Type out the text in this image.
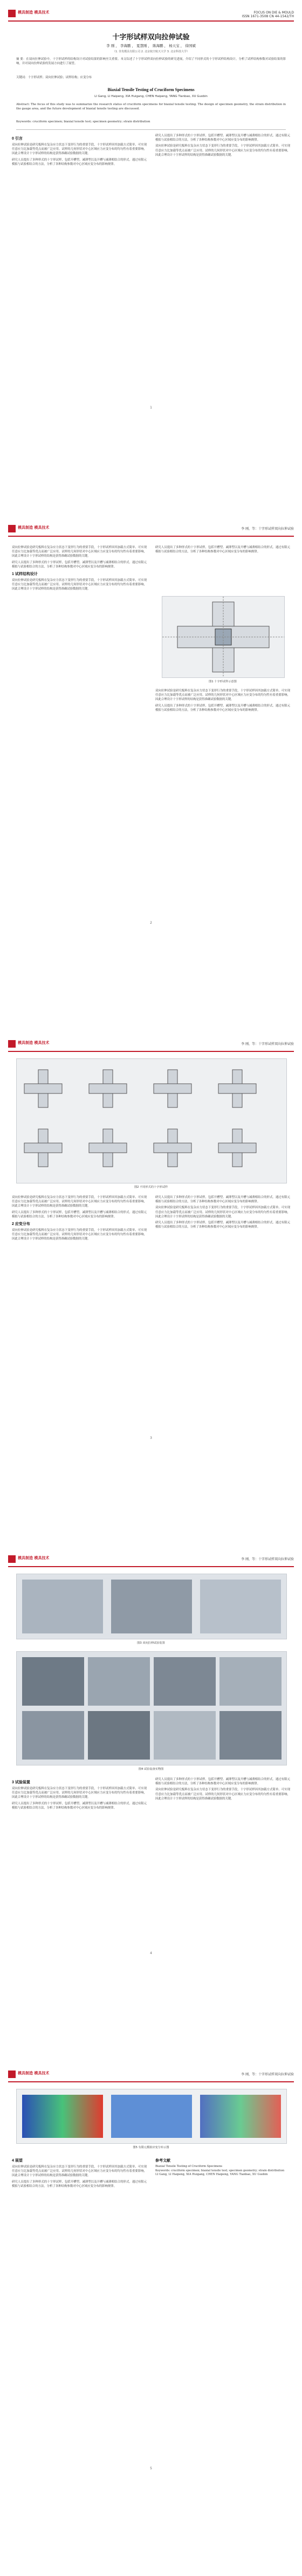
模具制造 模具技术	FOCUS ON DIE & MOULD
ISSN 1671-3508 CN 44-1542/TH
十字形试样双向拉伸试验
李 刚 ， 李海鹏 ， 夏慧刚 ， 陈海鹏 ， 杨天宝 ， 徐国斌
（1. 佳发模具有限公司 2. 北京航空航天大学 3. 北京科技大学）
摘 要：在双向拉伸试验中，十字形试样的结构设计对试验结果的影响至关重要。本文综述了十字形试样双向拉伸试验的研究进展，介绍了不同形式的十字形试样结构设计，分析了试样结构参数对试验结果的影响，并对双向拉伸试验的发展方向进行了展望。
关键词：十字形试样；双向拉伸试验；试样结构；应变分布
Biaxial Tensile Testing of Cruciform Specimens
LI Gang, LI Haipeng, XIA Huigang, CHEN Haipeng, YANG Tianbao, XU Guobin
Abstract: The focus of this study was to summarize the research status of cruciform specimens for biaxial tensile testing. The design of specimen geometry, the strain distribution in the gauge area, and the future development of biaxial tensile testing are discussed.
Keywords: cruciform specimen; biaxial tensile test; specimen geometry; strain distribution
0 引言
双向拉伸试验是研究板料在复杂应力状态下变形行为的重要手段，十字形试样因其加载方式简单、可实现任意应力比加载等优点而被广泛应用。试样的几何形状对中心区域应力应变分布的均匀性有着重要影响，因此合理设计十字形试样的结构是获得准确试验数据的关键。
研究人员提出了多种形式的十字形试样，包括开槽型、减薄型以及开槽与减薄相结合的形式。通过有限元模拟与试验相结合的方法，分析了各种结构参数对中心区域应变分布的影响规律。
研究人员提出了多种形式的十字形试样，包括开槽型、减薄型以及开槽与减薄相结合的形式。通过有限元模拟与试验相结合的方法，分析了各种结构参数对中心区域应变分布的影响规律。
双向拉伸试验是研究板料在复杂应力状态下变形行为的重要手段，十字形试样因其加载方式简单、可实现任意应力比加载等优点而被广泛应用。试样的几何形状对中心区域应力应变分布的均匀性有着重要影响，因此合理设计十字形试样的结构是获得准确试验数据的关键。
1
模具制造 模具技术	李 刚，等：十字形试样双向拉伸试验
双向拉伸试验是研究板料在复杂应力状态下变形行为的重要手段，十字形试样因其加载方式简单、可实现任意应力比加载等优点而被广泛应用。试样的几何形状对中心区域应力应变分布的均匀性有着重要影响，因此合理设计十字形试样的结构是获得准确试验数据的关键。
研究人员提出了多种形式的十字形试样，包括开槽型、减薄型以及开槽与减薄相结合的形式。通过有限元模拟与试验相结合的方法，分析了各种结构参数对中心区域应变分布的影响规律。
1 试样结构设计
双向拉伸试验是研究板料在复杂应力状态下变形行为的重要手段，十字形试样因其加载方式简单、可实现任意应力比加载等优点而被广泛应用。试样的几何形状对中心区域应力应变分布的均匀性有着重要影响，因此合理设计十字形试样的结构是获得准确试验数据的关键。
研究人员提出了多种形式的十字形试样，包括开槽型、减薄型以及开槽与减薄相结合的形式。通过有限元模拟与试验相结合的方法，分析了各种结构参数对中心区域应变分布的影响规律。
图1 十字形试样示意图
双向拉伸试验是研究板料在复杂应力状态下变形行为的重要手段，十字形试样因其加载方式简单、可实现任意应力比加载等优点而被广泛应用。试样的几何形状对中心区域应力应变分布的均匀性有着重要影响，因此合理设计十字形试样的结构是获得准确试验数据的关键。
研究人员提出了多种形式的十字形试样，包括开槽型、减薄型以及开槽与减薄相结合的形式。通过有限元模拟与试验相结合的方法，分析了各种结构参数对中心区域应变分布的影响规律。
2
模具制造 模具技术	李 刚，等：十字形试样双向拉伸试验
图2 不同形式的十字形试样
双向拉伸试验是研究板料在复杂应力状态下变形行为的重要手段，十字形试样因其加载方式简单、可实现任意应力比加载等优点而被广泛应用。试样的几何形状对中心区域应力应变分布的均匀性有着重要影响，因此合理设计十字形试样的结构是获得准确试验数据的关键。
研究人员提出了多种形式的十字形试样，包括开槽型、减薄型以及开槽与减薄相结合的形式。通过有限元模拟与试验相结合的方法，分析了各种结构参数对中心区域应变分布的影响规律。
2 应变分布
双向拉伸试验是研究板料在复杂应力状态下变形行为的重要手段，十字形试样因其加载方式简单、可实现任意应力比加载等优点而被广泛应用。试样的几何形状对中心区域应力应变分布的均匀性有着重要影响，因此合理设计十字形试样的结构是获得准确试验数据的关键。
研究人员提出了多种形式的十字形试样，包括开槽型、减薄型以及开槽与减薄相结合的形式。通过有限元模拟与试验相结合的方法，分析了各种结构参数对中心区域应变分布的影响规律。
双向拉伸试验是研究板料在复杂应力状态下变形行为的重要手段，十字形试样因其加载方式简单、可实现任意应力比加载等优点而被广泛应用。试样的几何形状对中心区域应力应变分布的均匀性有着重要影响，因此合理设计十字形试样的结构是获得准确试验数据的关键。
研究人员提出了多种形式的十字形试样，包括开槽型、减薄型以及开槽与减薄相结合的形式。通过有限元模拟与试验相结合的方法，分析了各种结构参数对中心区域应变分布的影响规律。
3
模具制造 模具技术	李 刚，等：十字形试样双向拉伸试验
图3 双向拉伸试验装置
图4 试验设备实物图
3 试验装置
双向拉伸试验是研究板料在复杂应力状态下变形行为的重要手段，十字形试样因其加载方式简单、可实现任意应力比加载等优点而被广泛应用。试样的几何形状对中心区域应力应变分布的均匀性有着重要影响，因此合理设计十字形试样的结构是获得准确试验数据的关键。
研究人员提出了多种形式的十字形试样，包括开槽型、减薄型以及开槽与减薄相结合的形式。通过有限元模拟与试验相结合的方法，分析了各种结构参数对中心区域应变分布的影响规律。
研究人员提出了多种形式的十字形试样，包括开槽型、减薄型以及开槽与减薄相结合的形式。通过有限元模拟与试验相结合的方法，分析了各种结构参数对中心区域应变分布的影响规律。
双向拉伸试验是研究板料在复杂应力状态下变形行为的重要手段，十字形试样因其加载方式简单、可实现任意应力比加载等优点而被广泛应用。试样的几何形状对中心区域应力应变分布的均匀性有着重要影响，因此合理设计十字形试样的结构是获得准确试验数据的关键。
4
模具制造 模具技术	李 刚，等：十字形试样双向拉伸试验
图5 有限元模拟应变分布云图
4 展望
双向拉伸试验是研究板料在复杂应力状态下变形行为的重要手段，十字形试样因其加载方式简单、可实现任意应力比加载等优点而被广泛应用。试样的几何形状对中心区域应力应变分布的均匀性有着重要影响，因此合理设计十字形试样的结构是获得准确试验数据的关键。
研究人员提出了多种形式的十字形试样，包括开槽型、减薄型以及开槽与减薄相结合的形式。通过有限元模拟与试验相结合的方法，分析了各种结构参数对中心区域应变分布的影响规律。
参考文献
Biaxial Tensile Testing of Cruciform Specimens
Keywords: cruciform specimen; biaxial tensile test; specimen geometry; strain distribution
LI Gang, LI Haipeng, XIA Huigang, CHEN Haipeng, YANG Tianbao, XU Guobin
5
